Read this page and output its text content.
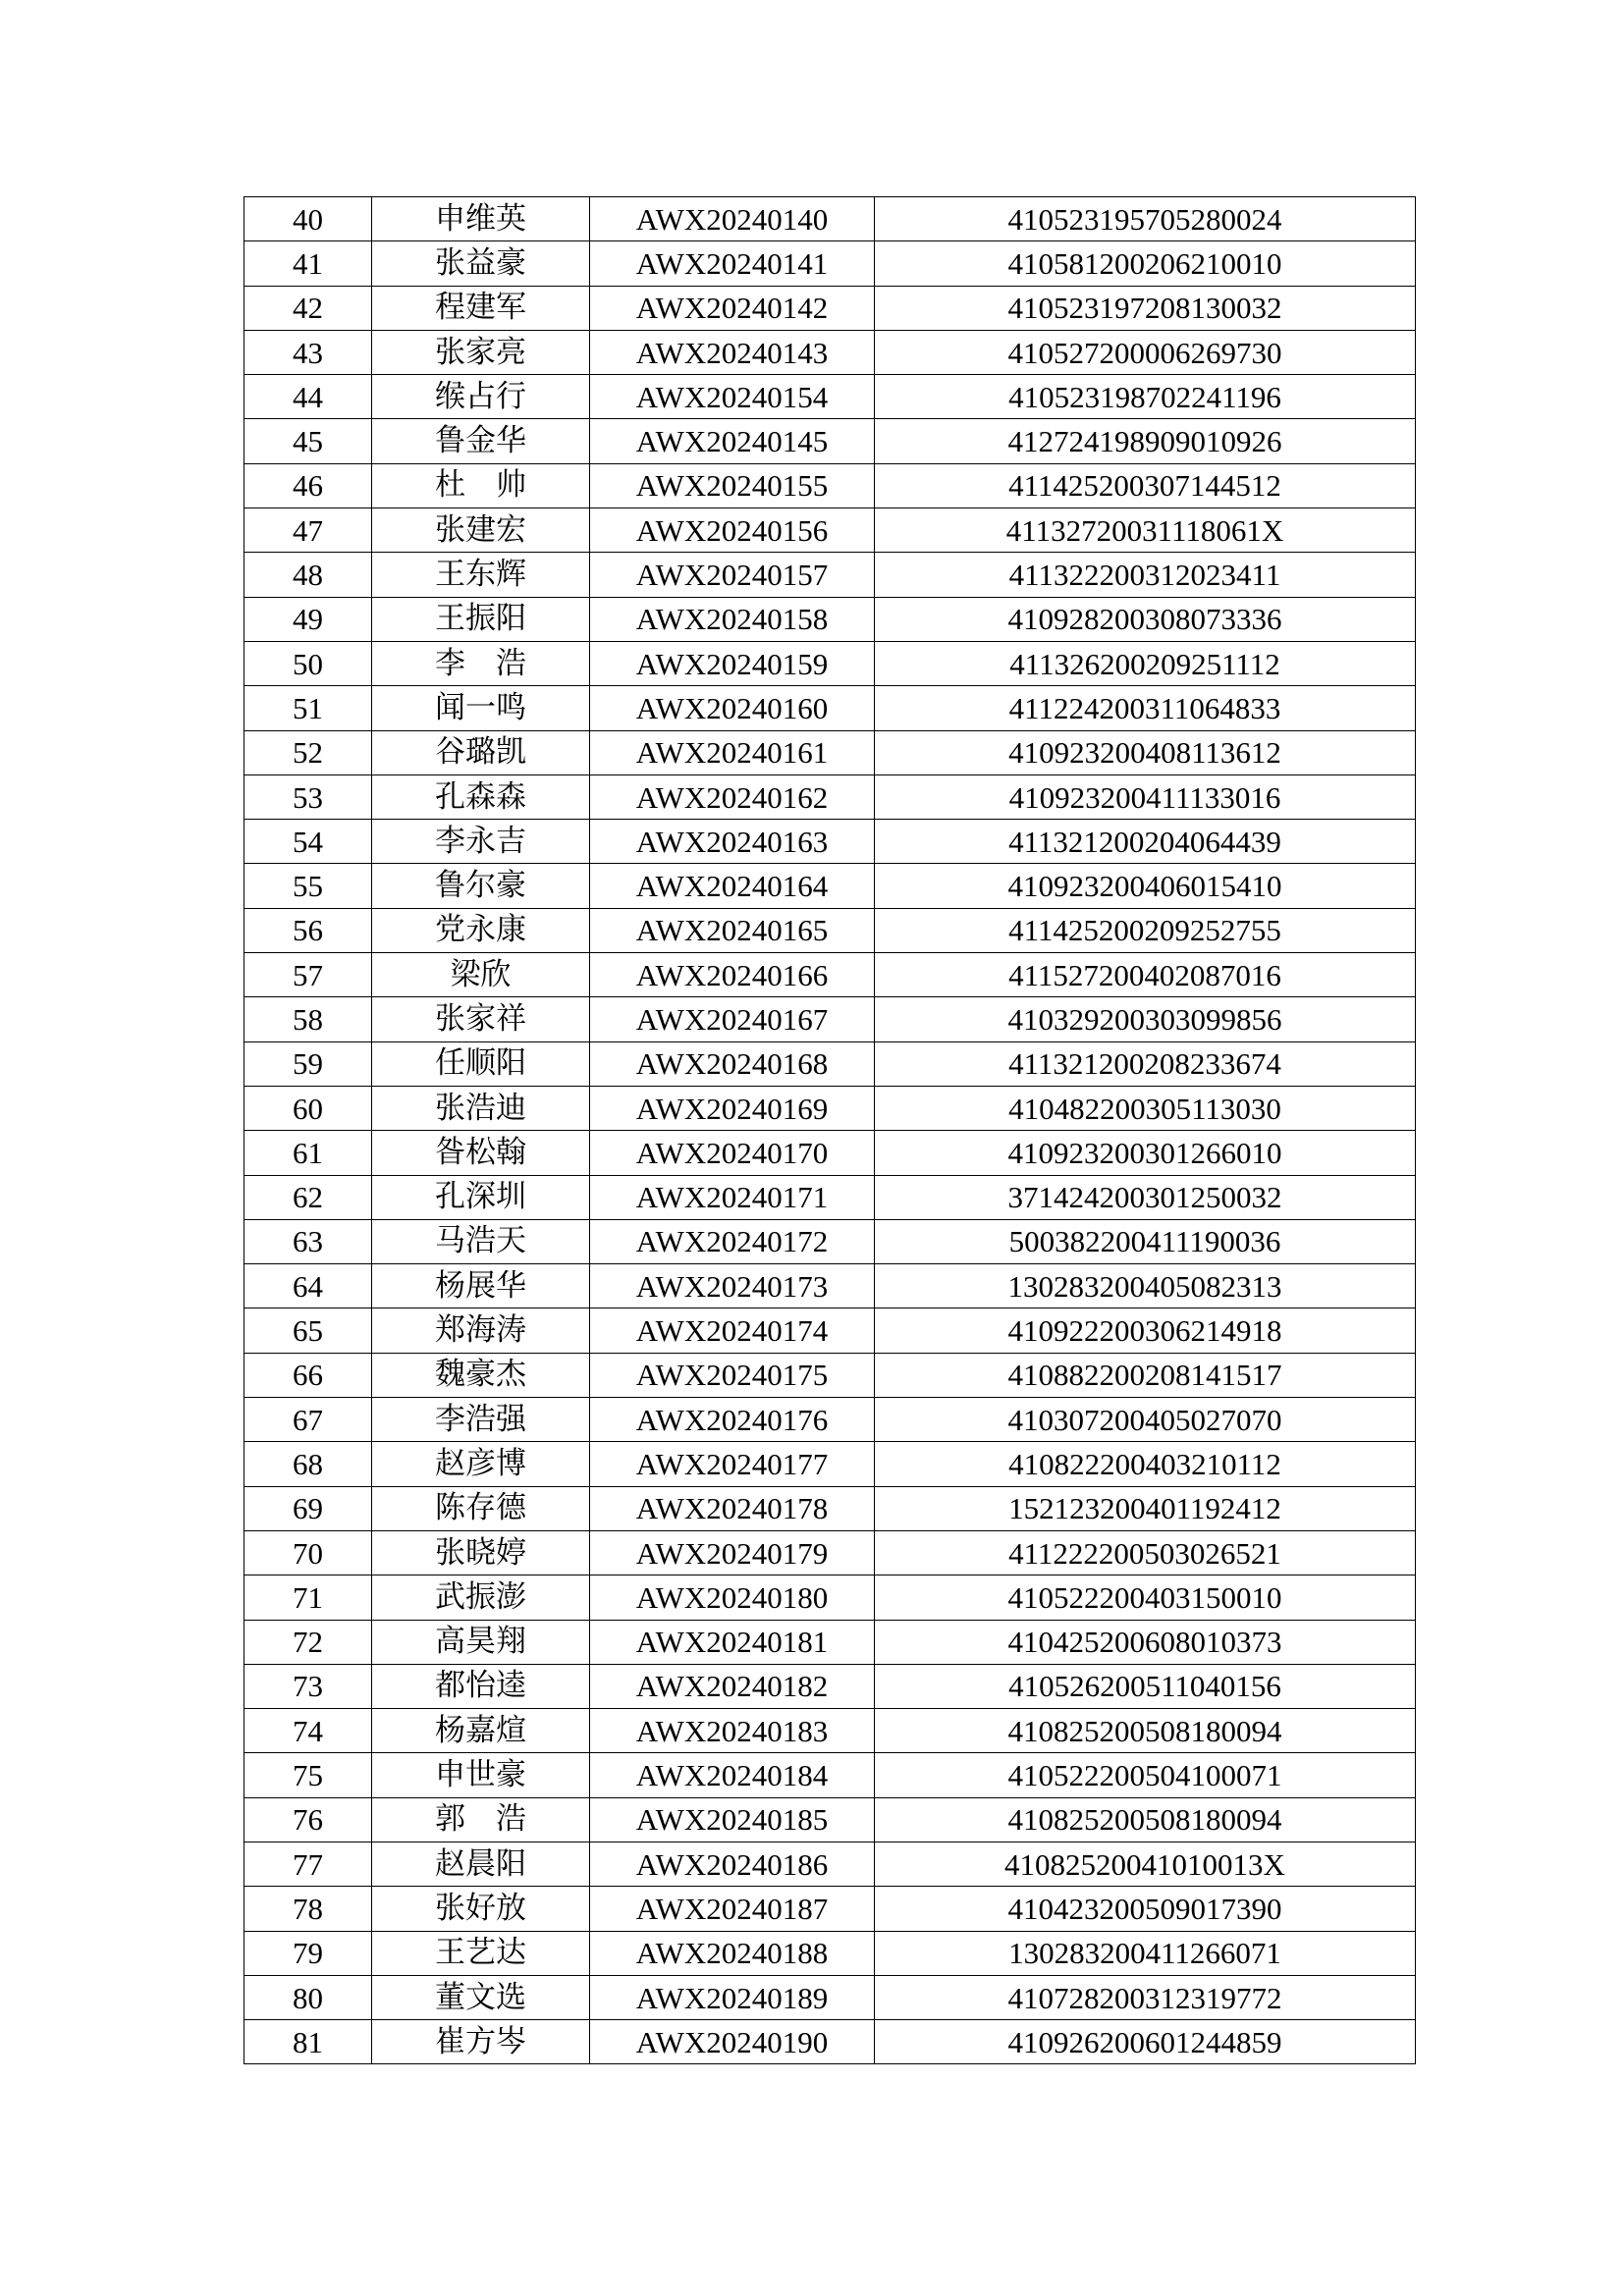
40	申维英	AWX20240140	410523195705280024
41	张益豪	AWX20240141	410581200206210010
42	程建军	AWX20240142	410523197208130032
43	张家亮	AWX20240143	410527200006269730
44	缑占行	AWX20240154	410523198702241196
45	鲁金华	AWX20240145	412724198909010926
46	杜　帅	AWX20240155	411425200307144512
47	张建宏	AWX20240156	41132720031118061X
48	王东辉	AWX20240157	411322200312023411
49	王振阳	AWX20240158	410928200308073336
50	李　浩	AWX20240159	411326200209251112
51	闻一鸣	AWX20240160	411224200311064833
52	谷璐凯	AWX20240161	410923200408113612
53	孔森森	AWX20240162	410923200411133016
54	李永吉	AWX20240163	411321200204064439
55	鲁尔豪	AWX20240164	410923200406015410
56	党永康	AWX20240165	411425200209252755
57	梁欣	AWX20240166	411527200402087016
58	张家祥	AWX20240167	410329200303099856
59	任顺阳	AWX20240168	411321200208233674
60	张浩迪	AWX20240169	410482200305113030
61	昝松翰	AWX20240170	410923200301266010
62	孔深圳	AWX20240171	371424200301250032
63	马浩天	AWX20240172	500382200411190036
64	杨展华	AWX20240173	130283200405082313
65	郑海涛	AWX20240174	410922200306214918
66	魏豪杰	AWX20240175	410882200208141517
67	李浩强	AWX20240176	410307200405027070
68	赵彦博	AWX20240177	410822200403210112
69	陈存德	AWX20240178	152123200401192412
70	张晓婷	AWX20240179	411222200503026521
71	武振澎	AWX20240180	410522200403150010
72	高昊翔	AWX20240181	410425200608010373
73	都怡逵	AWX20240182	410526200511040156
74	杨嘉煊	AWX20240183	410825200508180094
75	申世豪	AWX20240184	410522200504100071
76	郭　浩	AWX20240185	410825200508180094
77	赵晨阳	AWX20240186	41082520041010013X
78	张好放	AWX20240187	410423200509017390
79	王艺达	AWX20240188	130283200411266071
80	董文选	AWX20240189	410728200312319772
81	崔方岑	AWX20240190	410926200601244859
